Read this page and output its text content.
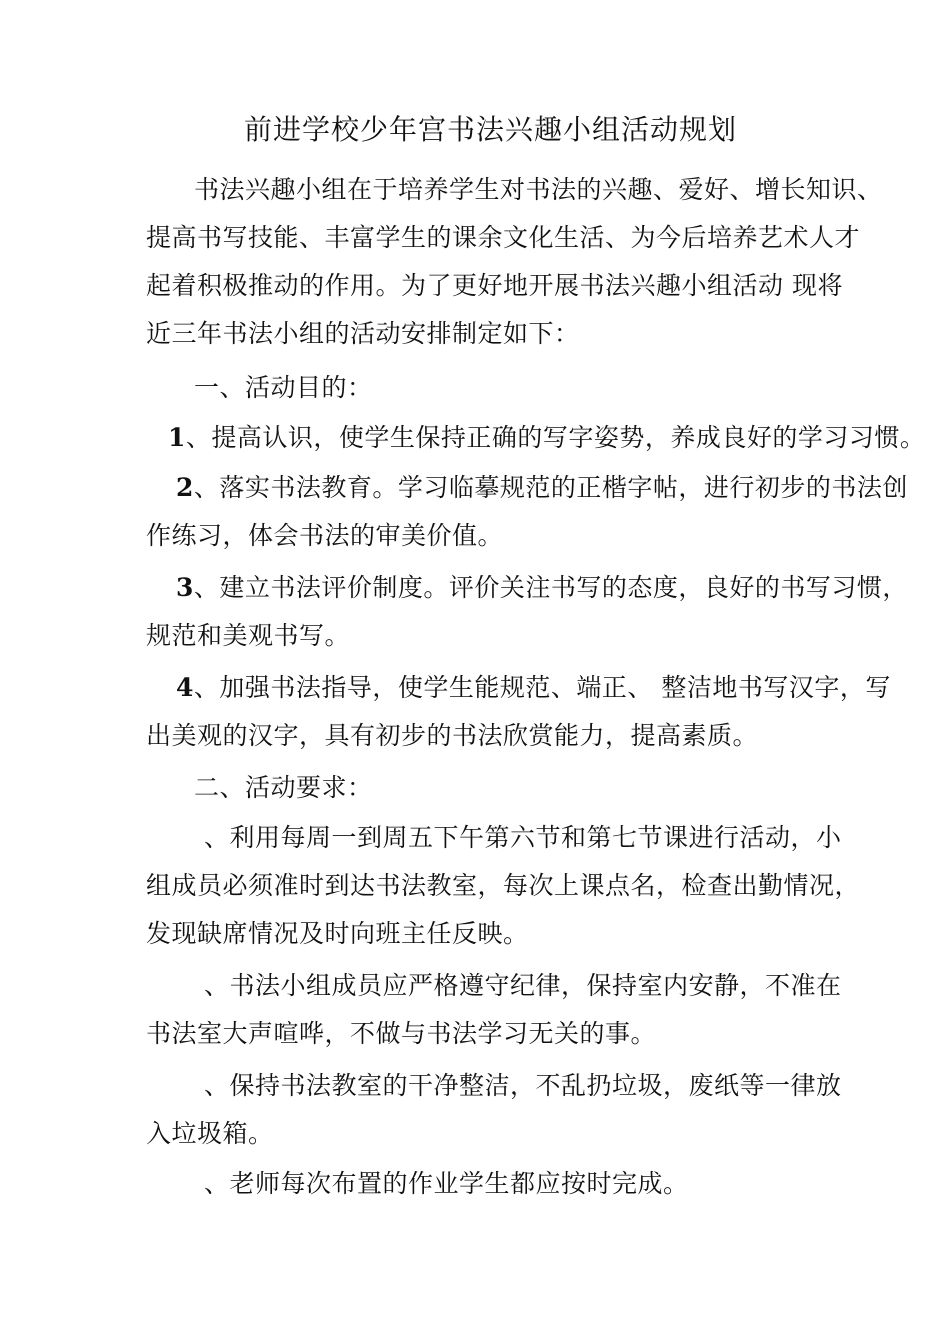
前进学校少年宫书法兴趣小组活动规划
书法兴趣小组在于培养学生对书法的兴趣、爱好、增长知识、
提高书写技能、丰富学生的课余文化生活、为今后培养艺术人才
起着积极推动的作用。为了更好地开展书法兴趣小组活动 现将
近三年书法小组的活动安排制定如下：
一、活动目的：
1、提高认识，使学生保持正确的写字姿势，养成良好的学习习惯。
2、落实书法教育。学习临摹规范的正楷字帖，进行初步的书法创
作练习，体会书法的审美价值。
3、建立书法评价制度。评价关注书写的态度，良好的书写习惯，
规范和美观书写。
4、加强书法指导，使学生能规范、端正、 整洁地书写汉字，写
出美观的汉字，具有初步的书法欣赏能力，提高素质。
二、活动要求：
、利用每周一到周五下午第六节和第七节课进行活动，小
组成员必须准时到达书法教室，每次上课点名，检查出勤情况，
发现缺席情况及时向班主任反映。
、书法小组成员应严格遵守纪律，保持室内安静，不准在
书法室大声喧哗，不做与书法学习无关的事。
、保持书法教室的干净整洁，不乱扔垃圾，废纸等一律放
入垃圾箱。
、老师每次布置的作业学生都应按时完成。
